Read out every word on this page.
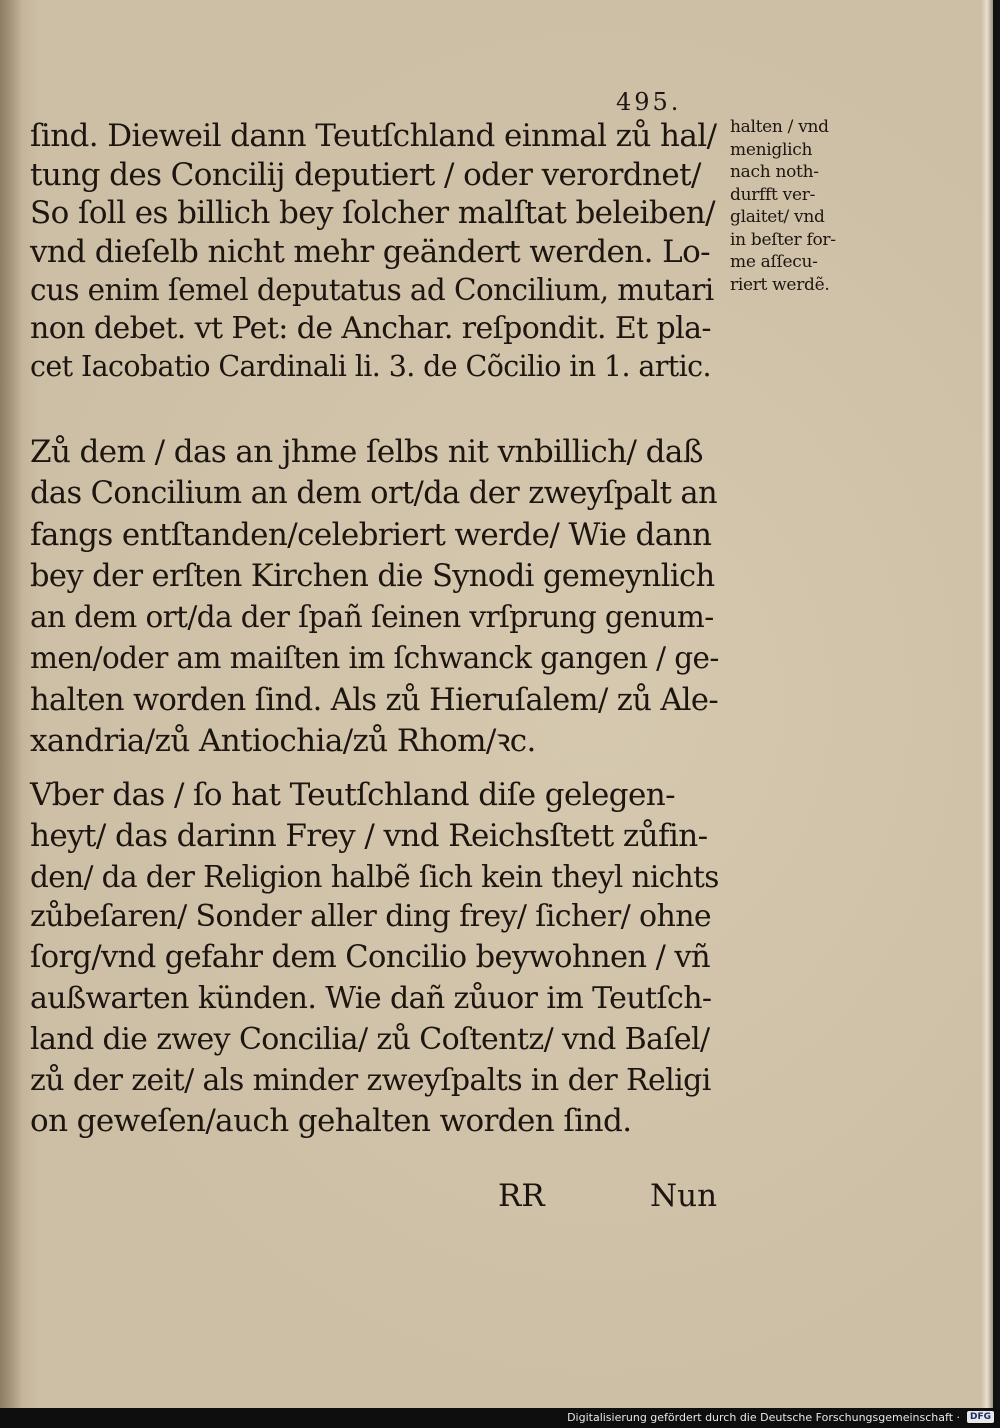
495.
ſind. Dieweil dann Teutſchland einmal zů hal/
tung des Concilij deputiert / oder verordnet/
So ſoll es billich bey ſolcher malſtat beleiben/
vnd dieſelb nicht mehr geändert werden. Lo-
cus enim ſemel deputatus ad Concilium, mutari
non debet. vt Pet: de Anchar. reſpondit. Et pla-
cet Iacobatio Cardinali li. 3. de Cõcilio in 1. artic.
halten / vnd
meniglich
nach noth-
durfft ver-
glaitet/ vnd
in beſter for-
me aſſecu-
riert werdẽ.
Zů dem / das an jhme ſelbs nit vnbillich/ daß
das Concilium an dem ort/da der zweyſpalt an
fangs entſtanden/celebriert werde/ Wie dann
bey der erſten Kirchen die Synodi gemeynlich
an dem ort/da der ſpañ ſeinen vrſprung genum-
men/oder am maiſten im ſchwanck gangen / ge-
halten worden ſind. Als zů Hieruſalem/ zů Ale-
xandria/zů Antiochia/zů Rhom/ꝛc.
Vber das / ſo hat Teutſchland diſe gelegen-
heyt/ das darinn Frey / vnd Reichsſtett zůfin-
den/ da der Religion halbẽ ſich kein theyl nichts
zůbeſaren/ Sonder aller ding frey/ ſicher/ ohne
ſorg/vnd gefahr dem Concilio beywohnen / vñ
außwarten künden. Wie dañ zůuor im Teutſch-
land die zwey Concilia/ zů Coſtentz/ vnd Baſel/
zů der zeit/ als minder zweyſpalts in der Religi
on geweſen/auch gehalten worden ſind.
RR	Nun
Digitalisierung gefördert durch die Deutsche Forschungsgemeinschaft ·	DFG
